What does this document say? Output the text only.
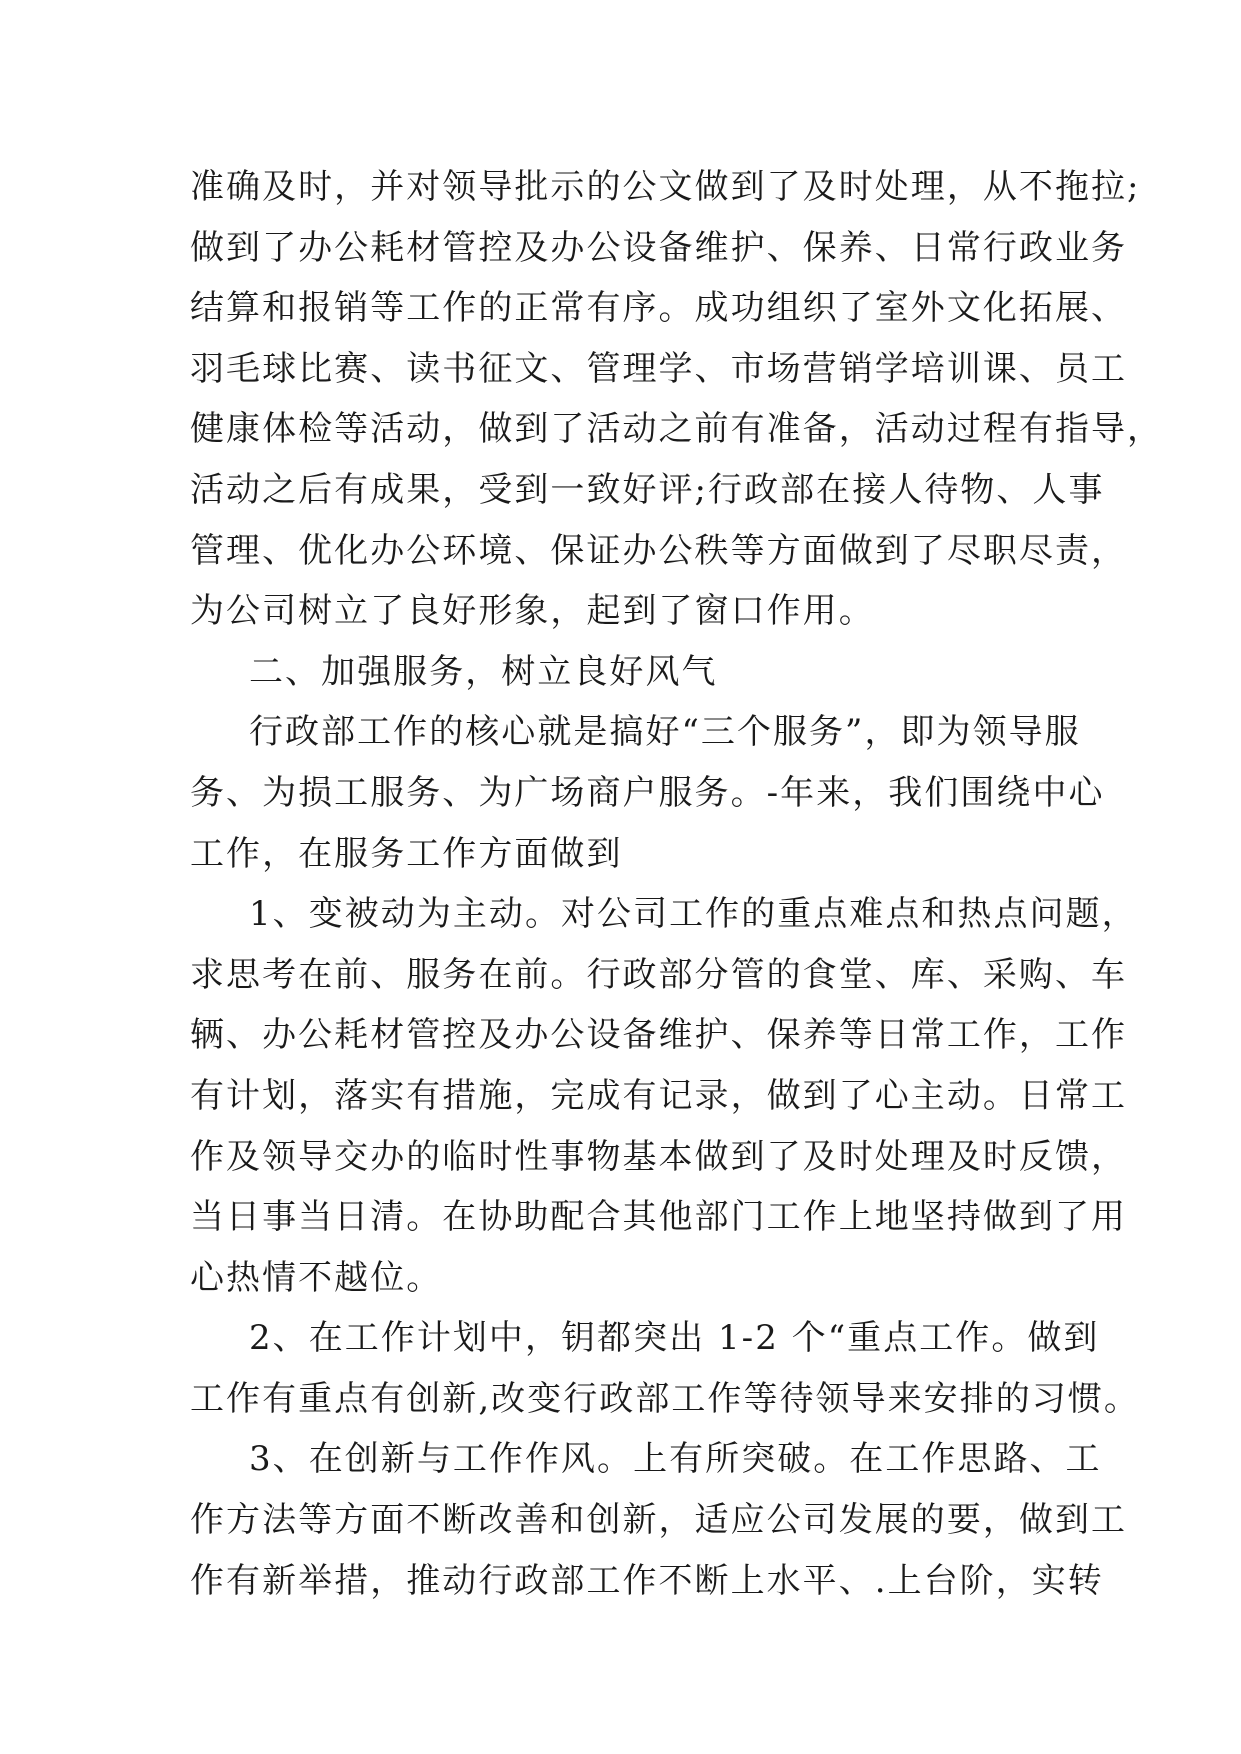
准确及时，并对领导批示的公文做到了及时处理，从不拖拉;
做到了办公耗材管控及办公设备维护、保养、日常行政业务
结算和报销等工作的正常有序。成功组织了室外文化拓展、
羽毛球比赛、读书征文、管理学、市场营销学培训课、员工
健康体检等活动，做到了活动之前有准备，活动过程有指导，
活动之后有成果，受到一致好评;行政部在接人待物、人事
管理、优化办公环境、保证办公秩等方面做到了尽职尽责，
为公司树立了良好形象，起到了窗口作用。
二、加强服务，树立良好风气
行政部工作的核心就是搞好“三个服务”，即为领导服
务、为损工服务、为广场商户服务。-年来，我们围绕中心
工作，在服务工作方面做到
1、变被动为主动。对公司工作的重点难点和热点问题，
求思考在前、服务在前。行政部分管的食堂、库、采购、车
辆、办公耗材管控及办公设备维护、保养等日常工作，工作
有计划，落实有措施，完成有记录，做到了心主动。日常工
作及领导交办的临时性事物基本做到了及时处理及时反馈，
当日事当日清。在协助配合其他部门工作上地坚持做到了用
心热情不越位。
2、在工作计划中，钥都突出 1-2 个“重点工作。做到
工作有重点有创新,改变行政部工作等待领导来安排的习惯。
3、在创新与工作作风。上有所突破。在工作思路、工
作方法等方面不断改善和创新，适应公司发展的要，做到工
作有新举措，推动行政部工作不断上水平、.上台阶，实转
